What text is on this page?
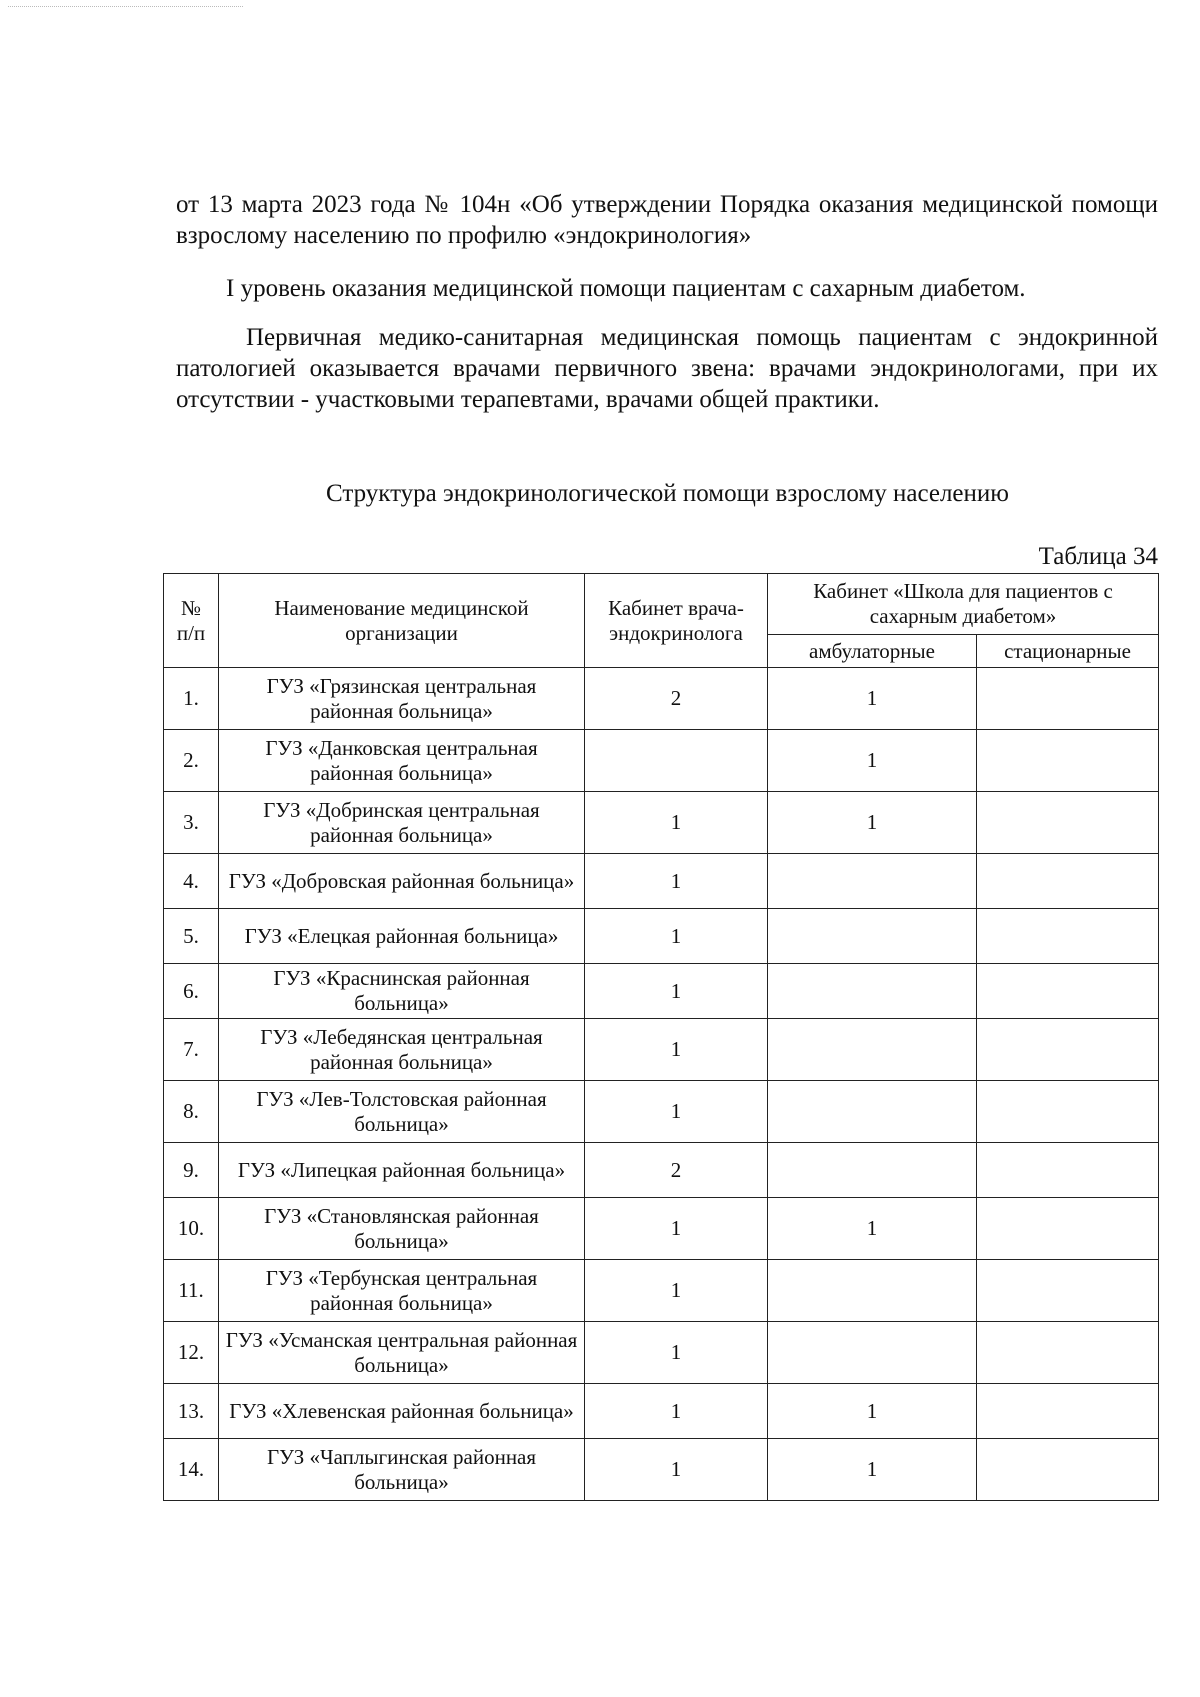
от 13 марта 2023 года № 104н «Об утверждении Порядка оказания медицинской помощи взрослому населению по профилю «эндокринология»

I уровень оказания медицинской помощи пациентам с сахарным диабетом.

Первичная медико-санитарная медицинская помощь пациентам с эндокринной патологией оказывается врачами первичного звена: врачами эндокринологами, при их отсутствии - участковыми терапевтами, врачами общей практики.

Структура эндокринологической помощи взрослому населению

Таблица 34

№ п/п	Наименование медицинской организации	Кабинет врача-эндокринолога	Кабинет «Школа для пациентов с сахарным диабетом»	
			амбулаторные	стационарные
1.	ГУЗ «Грязинская центральная районная больница»	2	1	
2.	ГУЗ «Данковская центральная районная больница»		1	
3.	ГУЗ «Добринская центральная районная больница»	1	1	
4.	ГУЗ «Добровская районная больница»	1		
5.	ГУЗ «Елецкая районная больница»	1		
6.	ГУЗ «Краснинская районная больница»	1		
7.	ГУЗ «Лебедянская центральная районная больница»	1		
8.	ГУЗ «Лев-Толстовская районная больница»	1		
9.	ГУЗ «Липецкая районная больница»	2		
10.	ГУЗ «Становлянская районная больница»	1	1	
11.	ГУЗ «Тербунская центральная районная больница»	1		
12.	ГУЗ «Усманская центральная районная больница»	1		
13.	ГУЗ «Хлевенская районная больница»	1	1	
14.	ГУЗ «Чаплыгинская районная больница»	1	1	
